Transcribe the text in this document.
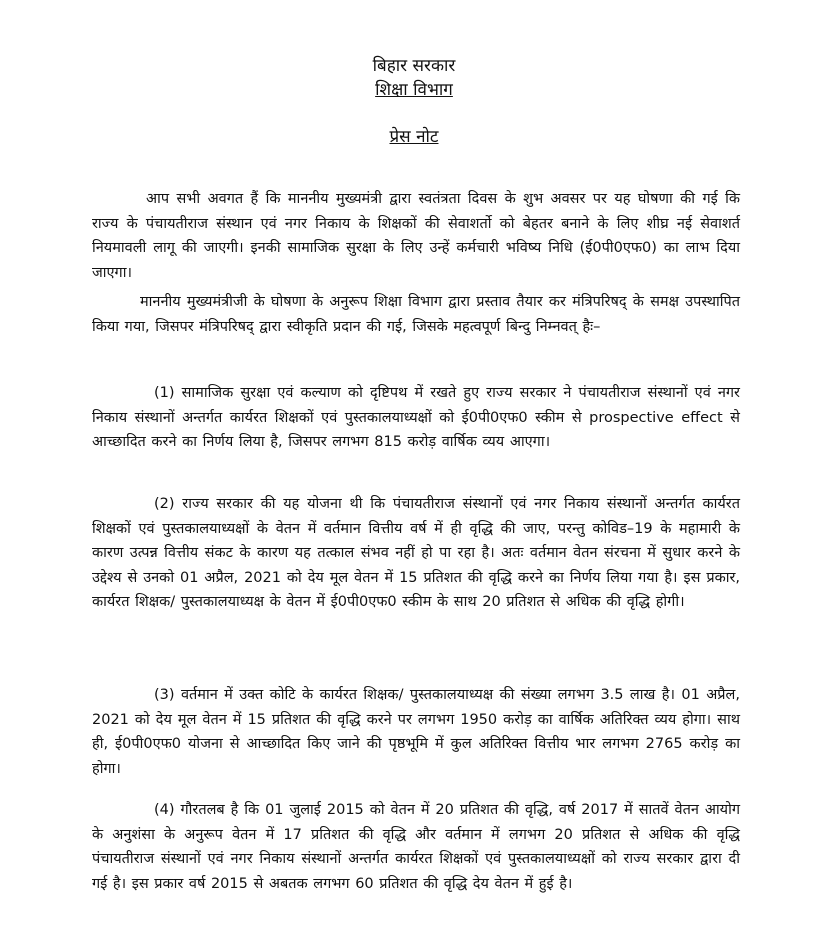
बिहार सरकार
शिक्षा विभाग
प्रेस नोट

आप सभी अवगत हैं कि माननीय मुख्यमंत्री द्वारा स्वतंत्रता दिवस के शुभ अवसर पर यह घोषणा की गई कि राज्य के पंचायतीराज संस्थान एवं नगर निकाय के शिक्षकों की सेवाशर्तो को बेहतर बनाने के लिए शीघ्र नई सेवाशर्त नियमावली लागू की जाएगी। इनकी सामाजिक सुरक्षा के लिए उन्हें कर्मचारी भविष्य निधि (ई0पी0एफ0) का लाभ दिया जाएगा।

माननीय मुख्यमंत्रीजी के घोषणा के अनुरूप शिक्षा विभाग द्वारा प्रस्ताव तैयार कर मंत्रिपरिषद् के समक्ष उपस्थापित किया गया, जिसपर मंत्रिपरिषद् द्वारा स्वीकृति प्रदान की गई, जिसके महत्वपूर्ण बिन्दु निम्नवत् हैः–

(1) सामाजिक सुरक्षा एवं कल्याण को दृष्टिपथ में रखते हुए राज्य सरकार ने पंचायतीराज संस्थानों एवं नगर निकाय संस्थानों अन्तर्गत कार्यरत शिक्षकों एवं पुस्तकालयाध्यक्षों को ई0पी0एफ0 स्कीम से prospective effect से आच्छादित करने का निर्णय लिया है, जिसपर लगभग 815 करोड़ वार्षिक व्यय आएगा।

(2) राज्य सरकार की यह योजना थी कि पंचायतीराज संस्थानों एवं नगर निकाय संस्थानों अन्तर्गत कार्यरत शिक्षकों एवं पुस्तकालयाध्यक्षों के वेतन में वर्तमान वित्तीय वर्ष में ही वृद्धि की जाए, परन्तु कोविड–19 के महामारी के कारण उत्पन्न वित्तीय संकट के कारण यह तत्काल संभव नहीं हो पा रहा है। अतः वर्तमान वेतन संरचना में सुधार करने के उद्देश्य से उनको 01 अप्रैल, 2021 को देय मूल वेतन में 15 प्रतिशत की वृद्धि करने का निर्णय लिया गया है। इस प्रकार, कार्यरत शिक्षक/ पुस्तकालयाध्यक्ष के वेतन में ई0पी0एफ0 स्कीम के साथ 20 प्रतिशत से अधिक की वृद्धि होगी।

(3) वर्तमान में उक्त कोटि के कार्यरत शिक्षक/ पुस्तकालयाध्यक्ष की संख्या लगभग 3.5 लाख है। 01 अप्रैल, 2021 को देय मूल वेतन में 15 प्रतिशत की वृद्धि करने पर लगभग 1950 करोड़ का वार्षिक अतिरिक्त व्यय होगा। साथ ही, ई0पी0एफ0 योजना से आच्छादित किए जाने की पृष्ठभूमि में कुल अतिरिक्त वित्तीय भार लगभग 2765 करोड़ का होगा।

(4) गौरतलब है कि 01 जुलाई 2015 को वेतन में 20 प्रतिशत की वृद्धि, वर्ष 2017 में सातवें वेतन आयोग के अनुशंसा के अनुरूप वेतन में 17 प्रतिशत की वृद्धि और वर्तमान में लगभग 20 प्रतिशत से अधिक की वृद्धि पंचायतीराज संस्थानों एवं नगर निकाय संस्थानों अन्तर्गत कार्यरत शिक्षकों एवं पुस्तकालयाध्यक्षों को राज्य सरकार द्वारा दी गई है। इस प्रकार वर्ष 2015 से अबतक लगभग 60 प्रतिशत की वृद्धि देय वेतन में हुई है।
